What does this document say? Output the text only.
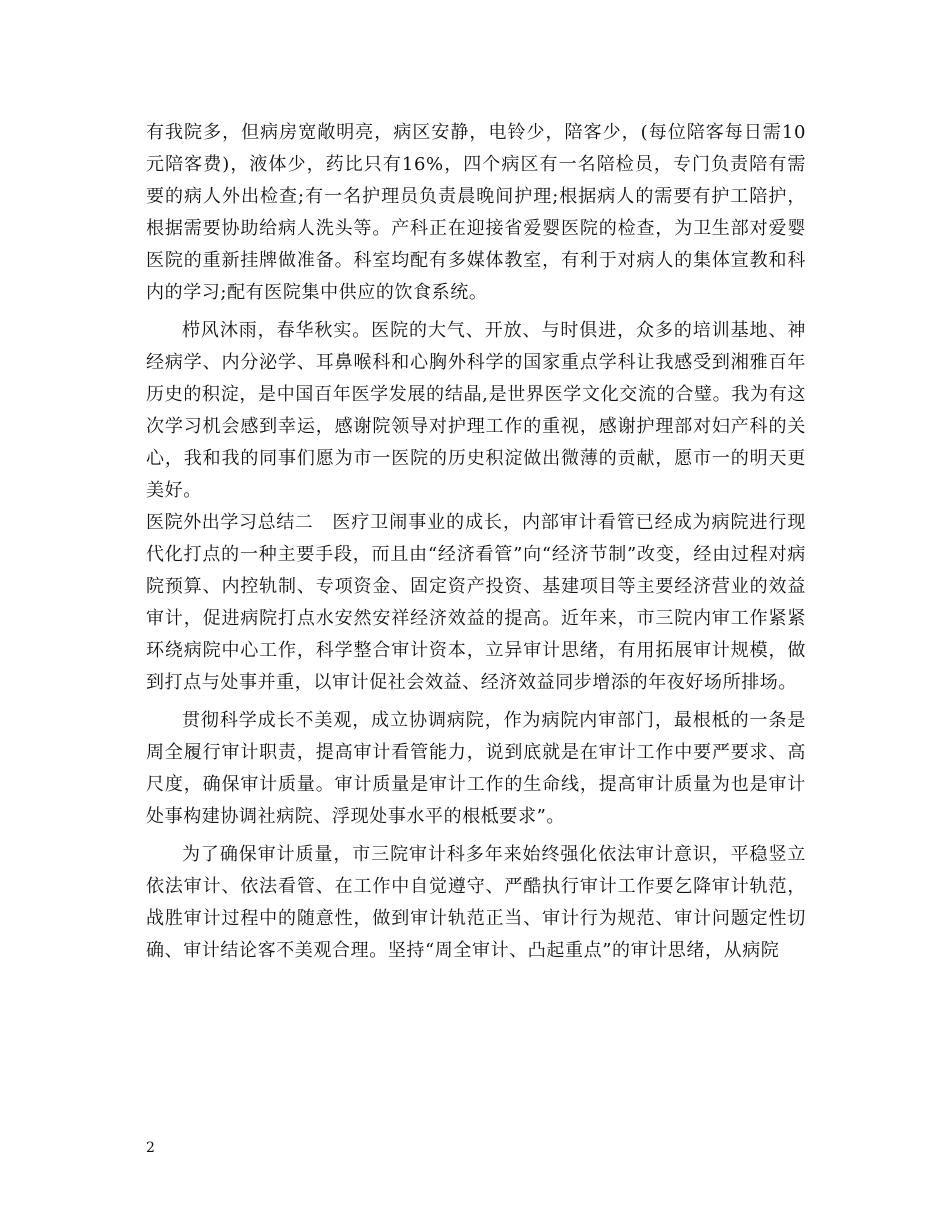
有我院多，但病房宽敞明亮，病区安静，电铃少，陪客少，(每位陪客每日需10元陪客费)，液体少，药比只有16%，四个病区有一名陪检员，专门负责陪有需要的病人外出检查;有一名护理员负责晨晚间护理;根据病人的需要有护工陪护，根据需要协助给病人洗头等。产科正在迎接省爱婴医院的检查，为卫生部对爱婴医院的重新挂牌做准备。科室均配有多媒体教室，有利于对病人的集体宣教和科内的学习;配有医院集中供应的饮食系统。

栉风沐雨，春华秋实。医院的大气、开放、与时俱进，众多的培训基地、神经病学、内分泌学、耳鼻喉科和心胸外科学的国家重点学科让我感受到湘雅百年历史的积淀，是中国百年医学发展的结晶,是世界医学文化交流的合璧。我为有这次学习机会感到幸运，感谢院领导对护理工作的重视，感谢护理部对妇产科的关心，我和我的同事们愿为市一医院的历史积淀做出微薄的贡献，愿市一的明天更美好。

医院外出学习总结二 医疗卫闹事业的成长，内部审计看管已经成为病院进行现代化打点的一种主要手段，而且由“经济看管”向“经济节制”改变，经由过程对病院预算、内控轨制、专项资金、固定资产投资、基建项目等主要经济营业的效益审计，促进病院打点水安然安祥经济效益的提高。近年来，市三院内审工作紧紧环绕病院中心工作，科学整合审计资本，立异审计思绪，有用拓展审计规模，做到打点与处事并重，以审计促社会效益、经济效益同步增添的年夜好场所排场。

贯彻科学成长不美观，成立协调病院，作为病院内审部门，最根柢的一条是周全履行审计职责，提高审计看管能力，说到底就是在审计工作中要严要求、高尺度，确保审计质量。审计质量是审计工作的生命线，提高审计质量为也是审计处事构建协调社病院、浮现处事水平的根柢要求”。

为了确保审计质量，市三院审计科多年来始终强化依法审计意识，平稳竖立依法审计、依法看管、在工作中自觉遵守、严酷执行审计工作要乞降审计轨范，战胜审计过程中的随意性，做到审计轨范正当、审计行为规范、审计问题定性切确、审计结论客不美观合理。坚持“周全审计、凸起重点”的审计思绪，从病院

2
